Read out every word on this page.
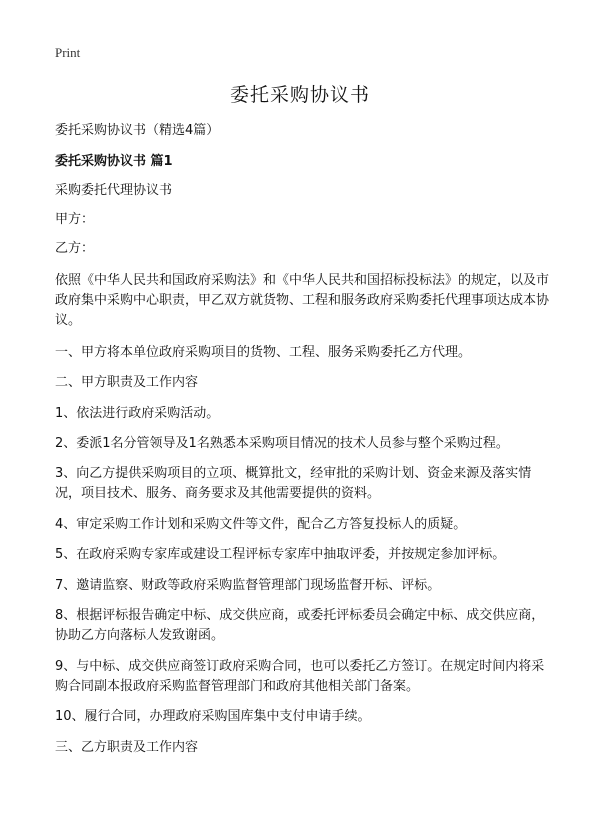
Print
委托采购协议书

委托采购协议书（精选4篇）

委托采购协议书 篇1

采购委托代理协议书

甲方：

乙方：

依照《中华人民共和国政府采购法》和《中华人民共和国招标投标法》的规定，以及市政府集中采购中心职责，甲乙双方就货物、工程和服务政府采购委托代理事项达成本协议。

一、甲方将本单位政府采购项目的货物、工程、服务采购委托乙方代理。

二、甲方职责及工作内容

1、依法进行政府采购活动。

2、委派1名分管领导及1名熟悉本采购项目情况的技术人员参与整个采购过程。

3、向乙方提供采购项目的立项、概算批文，经审批的采购计划、资金来源及落实情况，项目技术、服务、商务要求及其他需要提供的资料。

4、审定采购工作计划和采购文件等文件，配合乙方答复投标人的质疑。

5、在政府采购专家库或建设工程评标专家库中抽取评委，并按规定参加评标。

7、邀请监察、财政等政府采购监督管理部门现场监督开标、评标。

8、根据评标报告确定中标、成交供应商，或委托评标委员会确定中标、成交供应商，协助乙方向落标人发致谢函。

9、与中标、成交供应商签订政府采购合同，也可以委托乙方签订。在规定时间内将采购合同副本报政府采购监督管理部门和政府其他相关部门备案。

10、履行合同，办理政府采购国库集中支付申请手续。

三、乙方职责及工作内容
